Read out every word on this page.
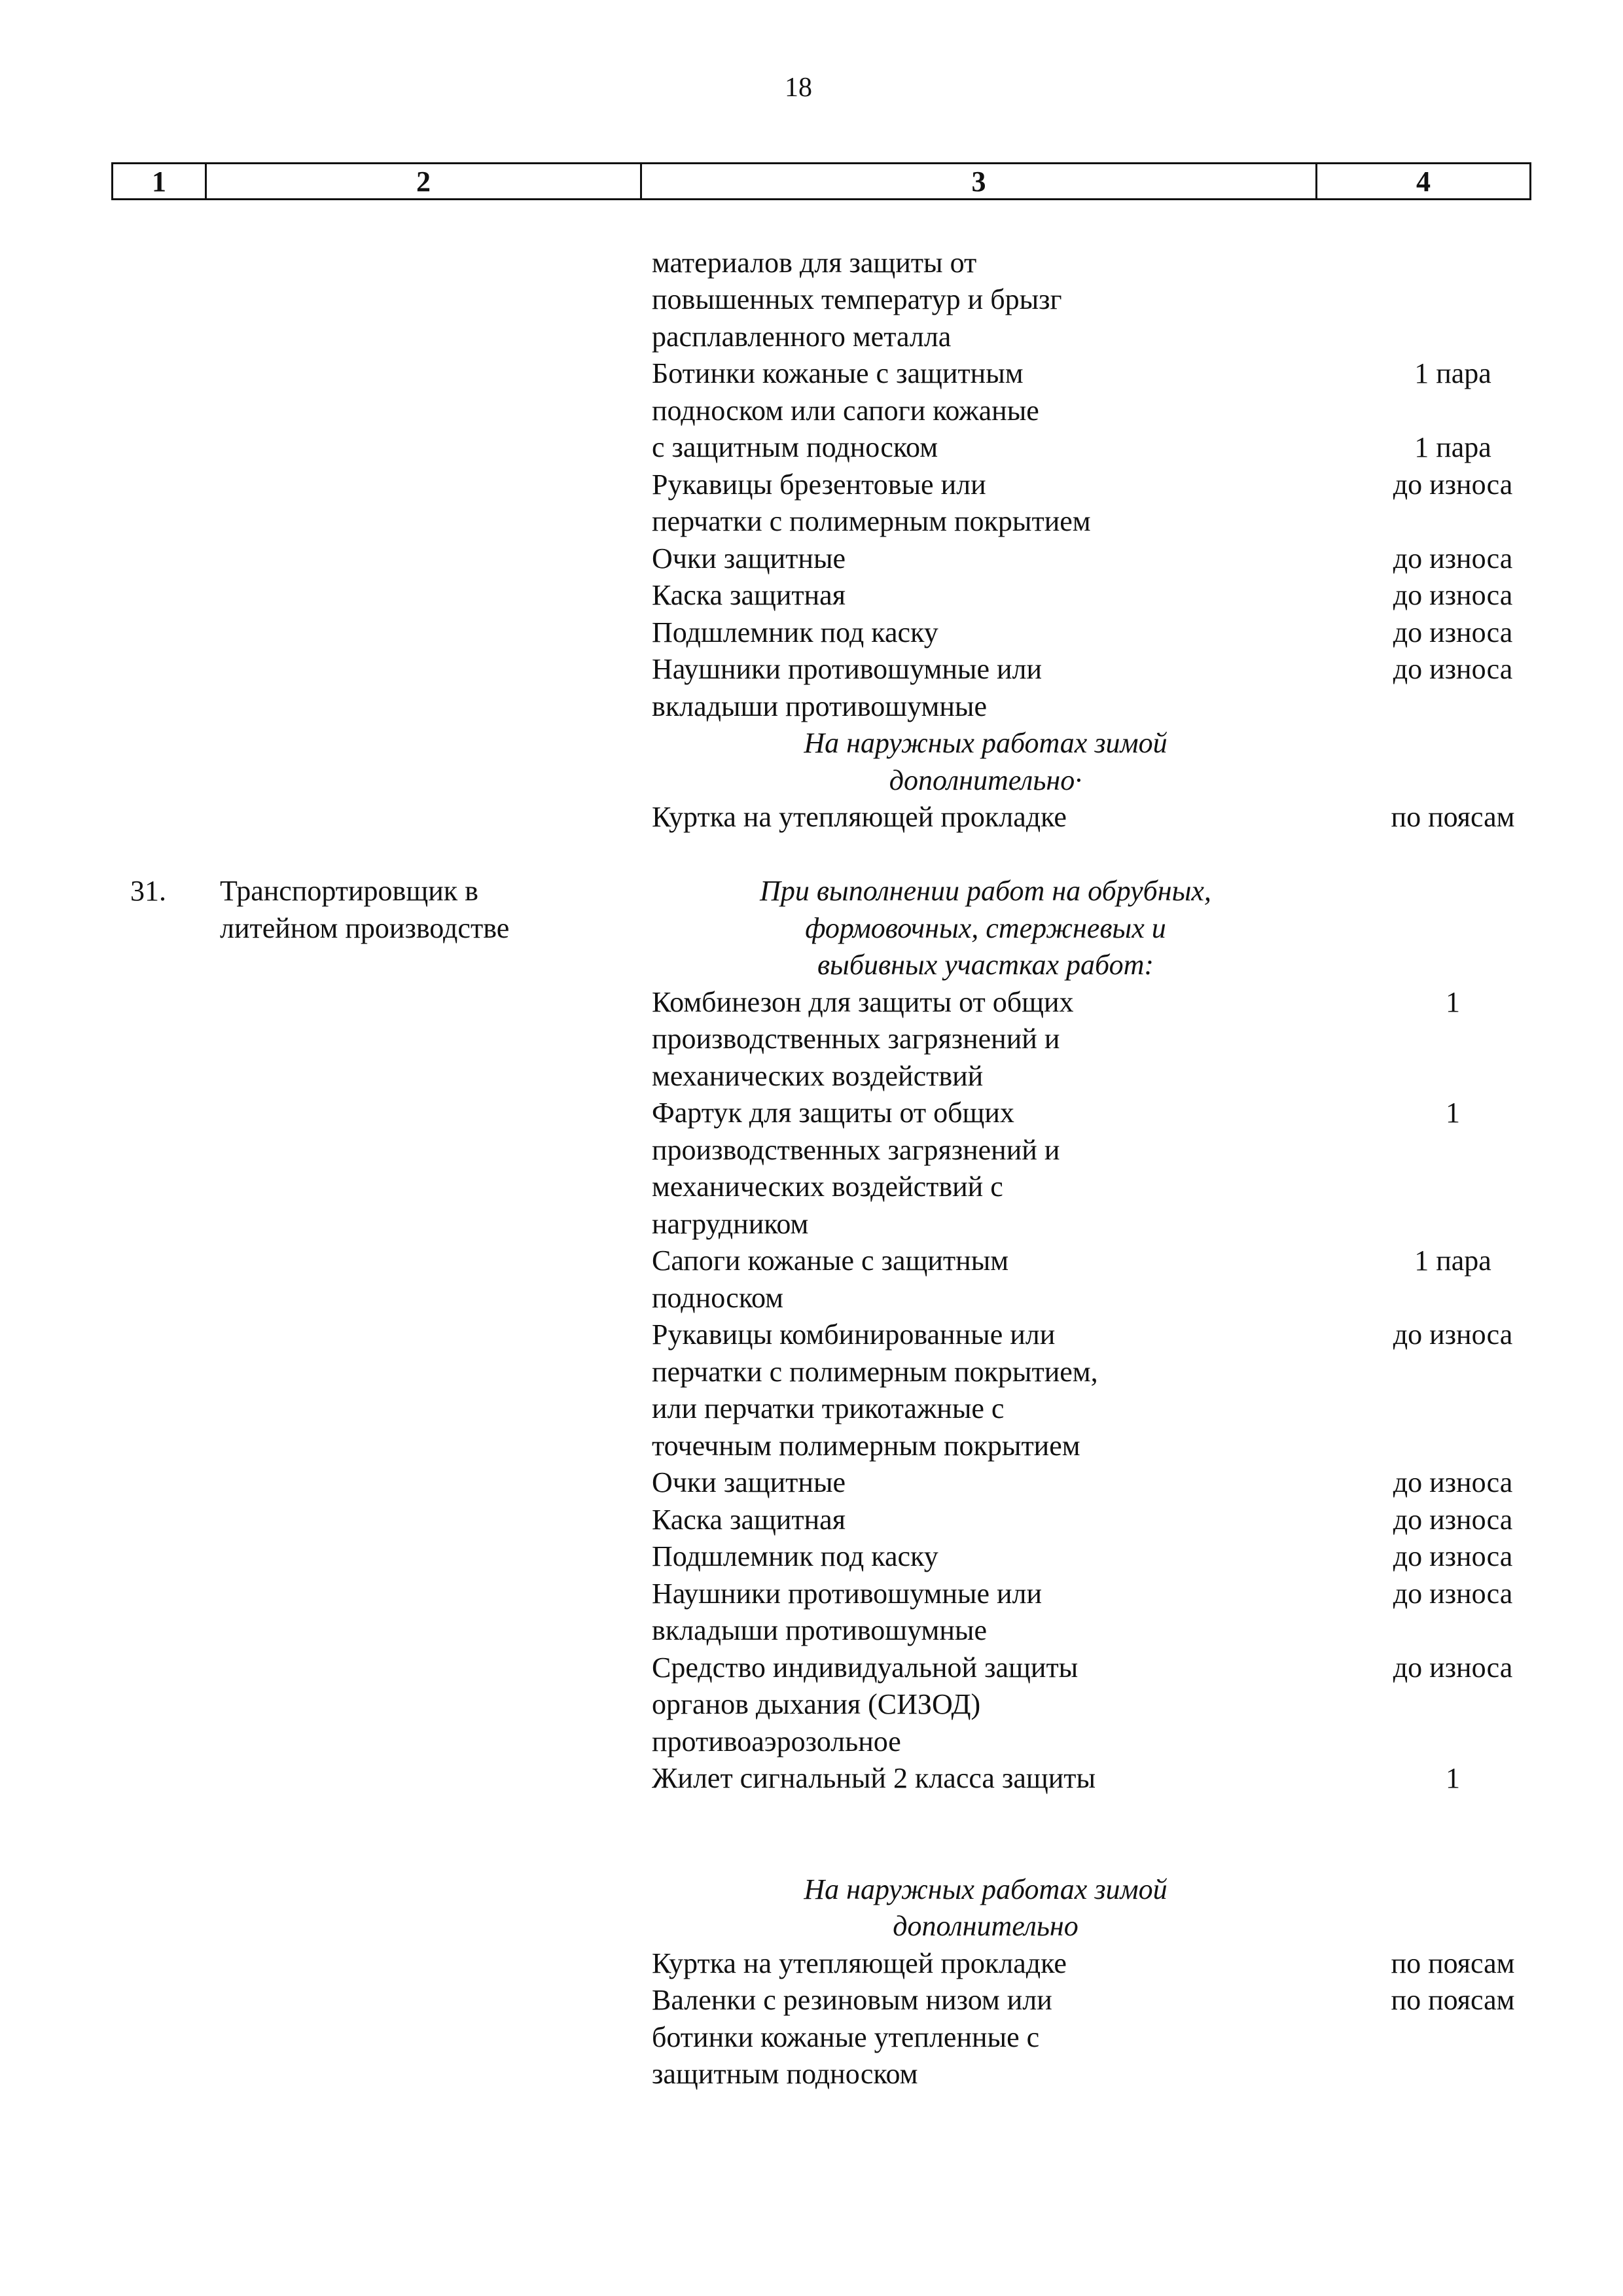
18
1	2	3	4
материалов для защиты от
повышенных температур и брызг
расплавленного металла
Ботинки кожаные с защитным	1 пара
подноском или сапоги кожаные
с защитным подноском	1 пара
Рукавицы брезентовые или	до износа
перчатки с полимерным покрытием
Очки защитные	до износа
Каска защитная	до износа
Подшлемник под каску	до износа
Наушники противошумные или	до износа
вкладыши противошумные
На наружных работах зимой
дополнительно·
Куртка на утепляющей прокладке	по поясам
31. Транспортировщик в
литейном производстве
При выполнении работ на обрубных,
формовочных, стержневых и
выбивных участках работ:
Комбинезон для защиты от общих	1
производственных загрязнений и
механических воздействий
Фартук для защиты от общих	1
производственных загрязнений и
механических воздействий с
нагрудником
Сапоги кожаные с защитным	1 пара
подноском
Рукавицы комбинированные или	до износа
перчатки с полимерным покрытием,
или перчатки трикотажные с
точечным полимерным покрытием
Очки защитные	до износа
Каска защитная	до износа
Подшлемник под каску	до износа
Наушники противошумные или	до износа
вкладыши противошумные
Средство индивидуальной защиты	до износа
органов дыхания (СИЗОД)
противоаэрозольное
Жилет сигнальный 2 класса защиты	1
На наружных работах зимой
дополнительно
Куртка на утепляющей прокладке	по поясам
Валенки с резиновым низом или	по поясам
ботинки кожаные утепленные с
защитным подноском
